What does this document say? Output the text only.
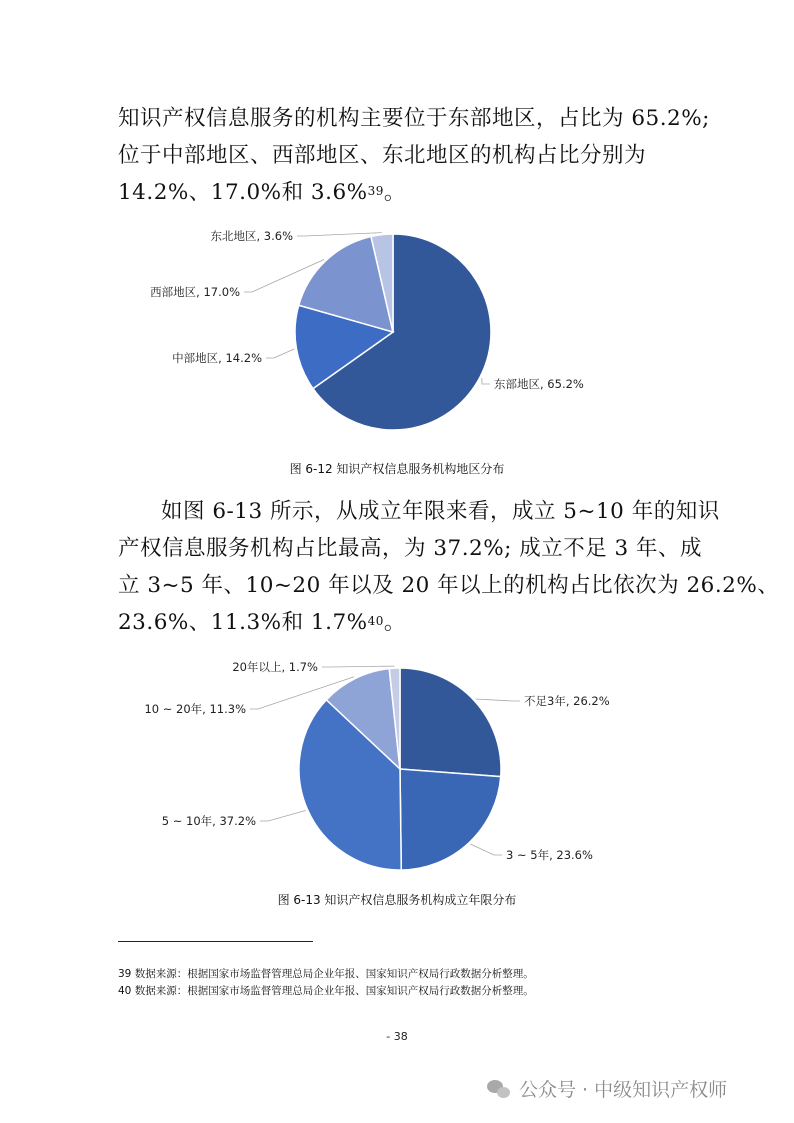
知识产权信息服务的机构主要位于东部地区，占比为 65.2%;
位于中部地区、西部地区、东北地区的机构占比分别为
14.2%、17.0%和 3.6%$^{39}$。

东部地区, 65.2%
中部地区, 14.2%
西部地区, 17.0%
东北地区, 3.6%
图 6-12 知识产权信息服务机构地区分布

如图 6-13 所示，从成立年限来看，成立 5~10 年的知识
产权信息服务机构占比最高，为 37.2%; 成立不足 3 年、成
立 3~5 年、10~20 年以及 20 年以上的机构占比依次为 26.2%、
23.6%、11.3%和 1.7%$^{40}$。

不足3年, 26.2%
3 ~ 5年, 23.6%
5 ~ 10年, 37.2%
10 ~ 20年, 11.3%
20年以上, 1.7%
图 6-13 知识产权信息服务机构成立年限分布
39 数据来源：根据国家市场监督管理总局企业年报、国家知识产权局行政数据分析整理。
40 数据来源：根据国家市场监督管理总局企业年报、国家知识产权局行政数据分析整理。
- 38
公众号 · 中级知识产权师
